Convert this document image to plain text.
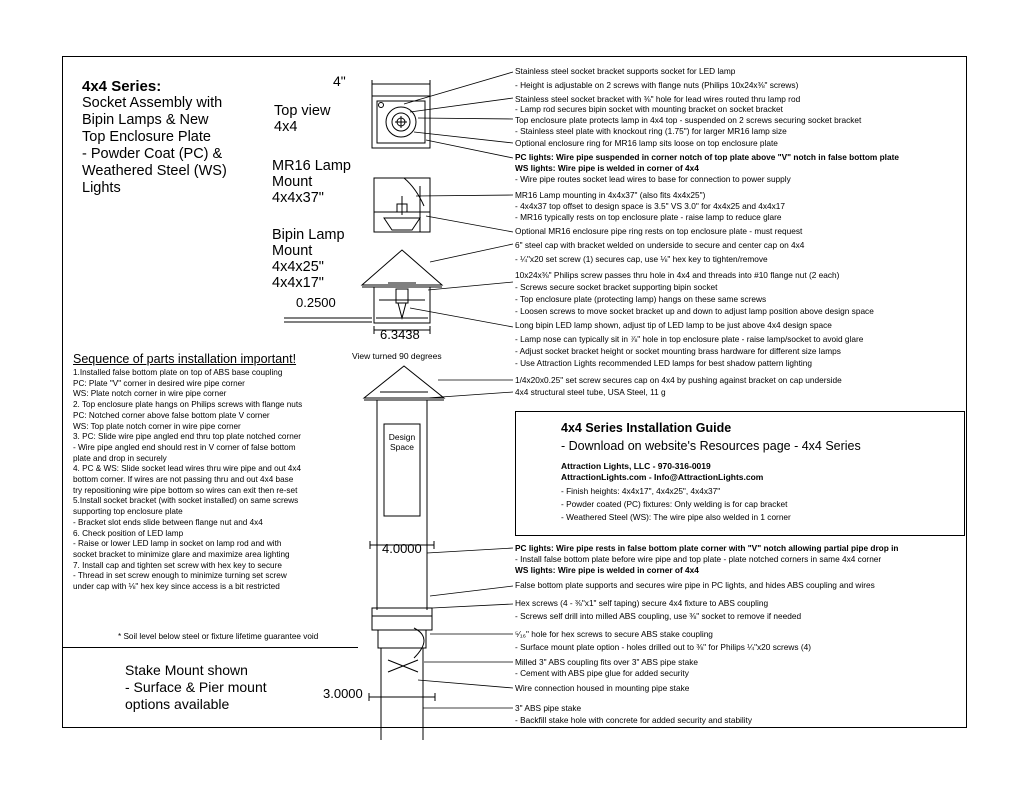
4x4 Series:
Socket Assembly with
Bipin Lamps & New
Top Enclosure Plate
- Powder Coat (PC) &
Weathered Steel (WS)
Lights
Top view
4x4
MR16 Lamp
Mount
4x4x37"
Bipin Lamp
Mount
4x4x25"
4x4x17"
4"
0.2500
6.3438
4.0000
3.0000
View turned 90 degrees
Design
Space
Sequence of parts installation important!
1.Installed false bottom plate on top of ABS base coupling
PC: Plate "V" corner in desired wire pipe corner
WS: Plate notch corner in wire pipe corner
2. Top enclosure plate hangs on Philips screws with flange nuts
PC: Notched corner above false bottom plate V corner
WS: Top plate notch corner in wire pipe corner
3. PC: Slide wire pipe angled end thru top plate notched corner
- Wire pipe angled end should rest in V corner of false bottom
plate and drop in securely
4. PC & WS: Slide socket lead wires thru wire pipe and out 4x4
bottom corner. If wires are not passing thru and out 4x4 base
try repositioning wire pipe bottom so wires can exit then re-set
5.Install socket bracket (with socket installed) on same screws
supporting top enclosure plate
- Bracket slot ends slide between flange nut and 4x4
6. Check position of LED lamp
- Raise or lower LED lamp in socket on lamp rod and with
socket bracket to minimize glare and maximize area lighting
7. Install cap and tighten set screw with hex key to secure
- Thread in set screw enough to minimize turning set screw
under cap with ⅛" hex key since access is a bit restricted
* Soil level below steel or fixture lifetime guarantee void
Stainless steel socket bracket supports socket for LED lamp
- Height is adjustable on 2 screws with flange nuts (Philips 10x24x⅜" screws)
Stainless steel socket bracket with ⅜" hole for lead wires routed thru lamp rod
- Lamp rod secures bipin socket with mounting bracket on socket bracket
Top enclosure plate protects lamp in 4x4 top - suspended on 2 screws securing socket bracket
- Stainless steel plate with knockout ring (1.75") for larger MR16 lamp size
Optional enclosure ring for MR16 lamp sits loose on top enclosure plate
PC lights: Wire pipe suspended in corner notch of top plate above "V" notch in false bottom plate
WS lights: Wire pipe is welded in corner of 4x4
- Wire pipe routes socket lead wires to base for connection to power supply
MR16 Lamp mounting in 4x4x37" (also fits 4x4x25")
- 4x4x37 top offset to design space is 3.5" VS 3.0" for 4x4x25 and 4x4x17
- MR16 typically rests on top enclosure plate - raise lamp to reduce glare
Optional MR16 enclosure pipe ring rests on top enclosure plate - must request
6" steel cap with bracket welded on underside to secure and center cap on 4x4
- ¼"x20 set screw (1) secures cap, use ⅛" hex key to tighten/remove
10x24x⅜" Philips screw passes thru hole in 4x4 and threads into #10 flange nut (2 each)
- Screws secure socket bracket supporting bipin socket
- Top enclosure plate (protecting lamp) hangs on these same screws
- Loosen screws to move socket bracket up and down to adjust lamp position above design space
Long bipin LED lamp shown, adjust tip of LED lamp to be just above 4x4 design space
- Lamp nose can typically sit in ⅞" hole in top enclosure plate - raise lamp/socket to avoid glare
- Adjust socket bracket height or socket mounting brass hardware for different size lamps
- Use Attraction Lights recommended LED lamps for best shadow pattern lighting
1/4x20x0.25" set screw secures cap on 4x4 by pushing against bracket on cap underside
4x4 structural steel tube, USA Steel, 11 g
PC lights: Wire pipe rests in false bottom plate corner with "V" notch allowing partial pipe drop in
- Install false bottom plate before wire pipe and top plate - plate notched corners in same 4x4 corner
WS lights: Wire pipe is welded in corner of 4x4
False bottom plate supports and secures wire pipe in PC lights, and hides ABS coupling and wires
Hex screws (4 - ⅜"x1" self taping) secure 4x4 fixture to ABS coupling
- Screws self drill into milled ABS coupling, use ⅜" socket to remove if needed
⁵⁄₁₆" hole for hex screws to secure ABS stake coupling
- Surface mount plate option - holes drilled out to ⅜" for Philips ¼"x20 screws (4)
Milled 3" ABS coupling fits over 3" ABS pipe stake
- Cement with ABS pipe glue for added security
Wire connection housed in mounting pipe stake
3" ABS pipe stake
- Backfill stake hole with concrete for added security and stability
4x4 Series Installation Guide
- Download on website's Resources page - 4x4 Series
Attraction Lights, LLC - 970-316-0019
AttractionLights.com - Info@AttractionLights.com
- Finish heights: 4x4x17", 4x4x25", 4x4x37"
- Powder coated (PC) fixtures: Only welding is for cap bracket
- Weathered Steel (WS): The wire pipe also welded in 1 corner
Stake Mount shown
- Surface & Pier mount
options available
